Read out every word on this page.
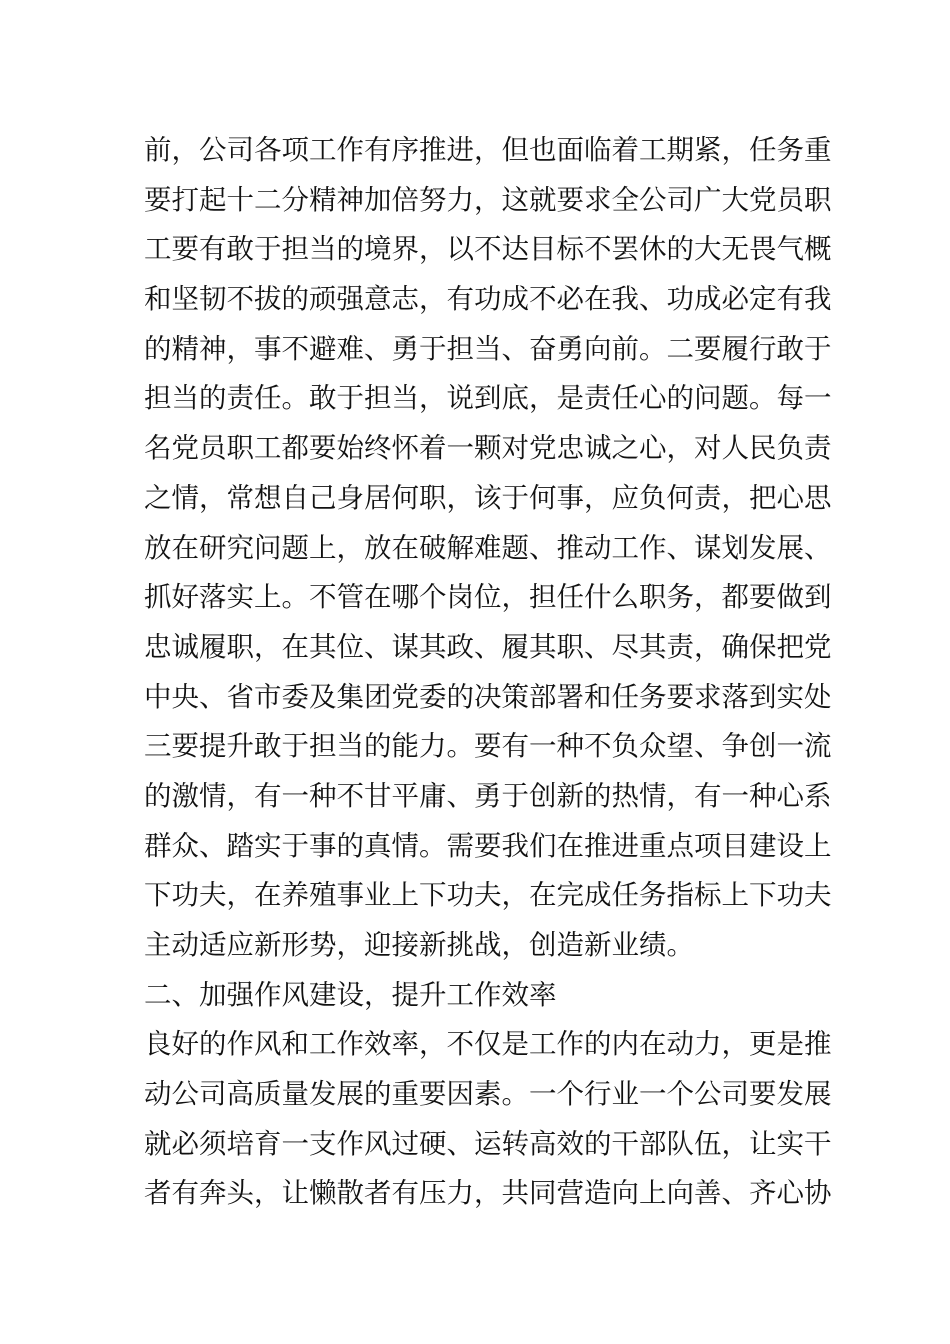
前，公司各项工作有序推进，但也面临着工期紧，任务重
要打起十二分精神加倍努力，这就要求全公司广大党员职
工要有敢于担当的境界，以不达目标不罢休的大无畏气概
和坚韧不拔的顽强意志，有功成不必在我、功成必定有我
的精神，事不避难、勇于担当、奋勇向前。二要履行敢于
担当的责任。敢于担当，说到底，是责任心的问题。每一
名党员职工都要始终怀着一颗对党忠诚之心，对人民负责
之情，常想自己身居何职，该于何事，应负何责，把心思
放在研究问题上，放在破解难题、推动工作、谋划发展、
抓好落实上。不管在哪个岗位，担任什么职务，都要做到
忠诚履职，在其位、谋其政、履其职、尽其责，确保把党
中央、省市委及集团党委的决策部署和任务要求落到实处
三要提升敢于担当的能力。要有一种不负众望、争创一流
的激情，有一种不甘平庸、勇于创新的热情，有一种心系
群众、踏实于事的真情。需要我们在推进重点项目建设上
下功夫，在养殖事业上下功夫，在完成任务指标上下功夫
主动适应新形势，迎接新挑战，创造新业绩。
二、加强作风建设，提升工作效率
良好的作风和工作效率，不仅是工作的内在动力，更是推
动公司高质量发展的重要因素。一个行业一个公司要发展
就必须培育一支作风过硬、运转高效的干部队伍，让实干
者有奔头，让懒散者有压力，共同营造向上向善、齐心协
